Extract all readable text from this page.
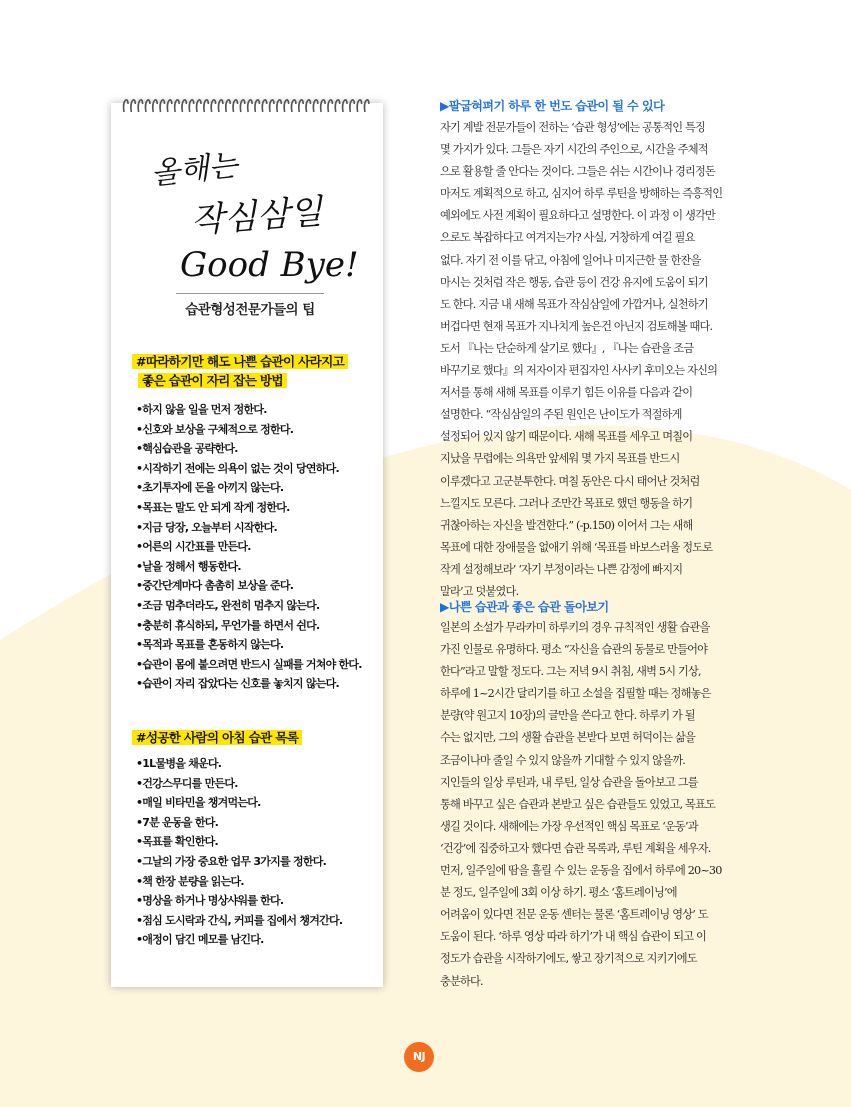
올해는
작심삼일
Good Bye!
습관형성전문가들의 팁
#따라하기만 해도 나쁜 습관이 사라지고
좋은 습관이 자리 잡는 방법
•하지 않을 일을 먼저 정한다.
•신호와 보상을 구체적으로 정한다.
•핵심습관을 공략한다.
•시작하기 전에는 의욕이 없는 것이 당연하다.
•초기투자에 돈을 아끼지 않는다.
•목표는 말도 안 되게 작게 정한다.
•지금 당장, 오늘부터 시작한다.
•어른의 시간표를 만든다.
•날을 정해서 행동한다.
•중간단계마다 촘촘히 보상을 준다.
•조금 멈추더라도, 완전히 멈추지 않는다.
•충분히 휴식하되, 무언가를 하면서 쉰다.
•목적과 목표를 혼동하지 않는다.
•습관이 몸에 붙으려면 반드시 실패를 거쳐야 한다.
•습관이 자리 잡았다는 신호를 놓치지 않는다.
#성공한 사람의 아침 습관 목록
•1L물병을 채운다.
•건강스무디를 만든다.
•매일 비타민을 챙겨먹는다.
•7분 운동을 한다.
•목표를 확인한다.
•그날의 가장 중요한 업무 3가지를 정한다.
•책 한장 분량을 읽는다.
•명상을 하거나 명상샤워를 한다.
•점심 도시락과 간식, 커피를 집에서 챙겨간다.
•애정이 담긴 메모를 남긴다.
▶팔굽혀펴기 하루 한 번도 습관이 될 수 있다
자기 계발 전문가들이 전하는 ‘습관 형성’에는 공통적인 특징
몇 가지가 있다. 그들은 자기 시간의 주인으로, 시간을 주체적
으로 활용할 줄 안다는 것이다. 그들은 쉬는 시간이나 경리정돈
마저도 계획적으로 하고, 심지어 하루 루틴을 방해하는 즉흥적인
예외에도 사전 계획이 필요하다고 설명한다. 이 과정 이 생각만
으로도 복잡하다고 여겨지는가? 사실, 거창하게 여길 필요
없다. 자기 전 이를 닦고, 아침에 일어나 미지근한 물 한잔을
마시는 것처럼 작은 행동, 습관 등이 건강 유지에 도움이 되기
도 한다. 지금 내 새해 목표가 작심삼일에 가깝거나, 실천하기
버겁다면 현재 목표가 지나치게 높은건 아닌지 검토해볼 때다.
도서 『나는 단순하게 살기로 했다』, 『나는 습관을 조금
바꾸기로 했다』의 저자이자 편집자인 사사키 후미오는 자신의
저서를 통해 새해 목표를 이루기 힘든 이유를 다음과 같이
설명한다. “작심삼일의 주된 원인은 난이도가 적절하게
설정되어 있지 않기 때문이다. 새해 목표를 세우고 며칠이
지났을 무렵에는 의욕만 앞세워 몇 가지 목표를 반드시
이루겠다고 고군분투한다. 며칠 동안은 다시 태어난 것처럼
느낄지도 모른다. 그러나 조만간 목표로 했던 행동을 하기
귀찮아하는 자신을 발견한다.” (-p.150) 이어서 그는 새해
목표에 대한 장애물을 없애기 위해 ‘목표를 바보스러울 정도로
작게 설정해보라’ ‘자기 부정이라는 나쁜 감정에 빠지지
말라’고 덧붙였다.
▶나쁜 습관과 좋은 습관 돌아보기
일본의 소설가 무라카미 하루키의 경우 규칙적인 생활 습관을
가진 인물로 유명하다. 평소 “자신을 습관의 동물로 만들어야
한다”라고 말할 정도다. 그는 저녁 9시 취침, 새벽 5시 기상,
하루에 1~2시간 달리기를 하고 소설을 집필할 때는 정해놓은
분량(약 원고지 10장)의 글만을 쓴다고 한다. 하루키 가 될
수는 없지만, 그의 생활 습관을 본받다 보면 허덕이는 삶을
조금이나마 줄일 수 있지 않을까 기대할 수 있지 않을까.
지인들의 일상 루틴과, 내 루틴, 일상 습관을 돌아보고 그를
통해 바꾸고 싶은 습관과 본받고 싶은 습관들도 있었고, 목표도
생길 것이다. 새해에는 가장 우선적인 핵심 목표로 ‘운동’과
‘건강’에 집중하고자 했다면 습관 목록과, 루틴 계획을 세우자.
먼저, 일주일에 땀을 흘릴 수 있는 운동을 집에서 하루에 20~30
분 정도, 일주일에 3회 이상 하기. 평소 ‘홈트레이닝’에
어려움이 있다면 전문 운동 센터는 물론 ‘홈트레이닝 영상’ 도
도움이 된다. ‘하루 영상 따라 하기’가 내 핵심 습관이 되고 이
정도가 습관을 시작하기에도, 쌓고 장기적으로 지키기에도
충분하다.
NJ
